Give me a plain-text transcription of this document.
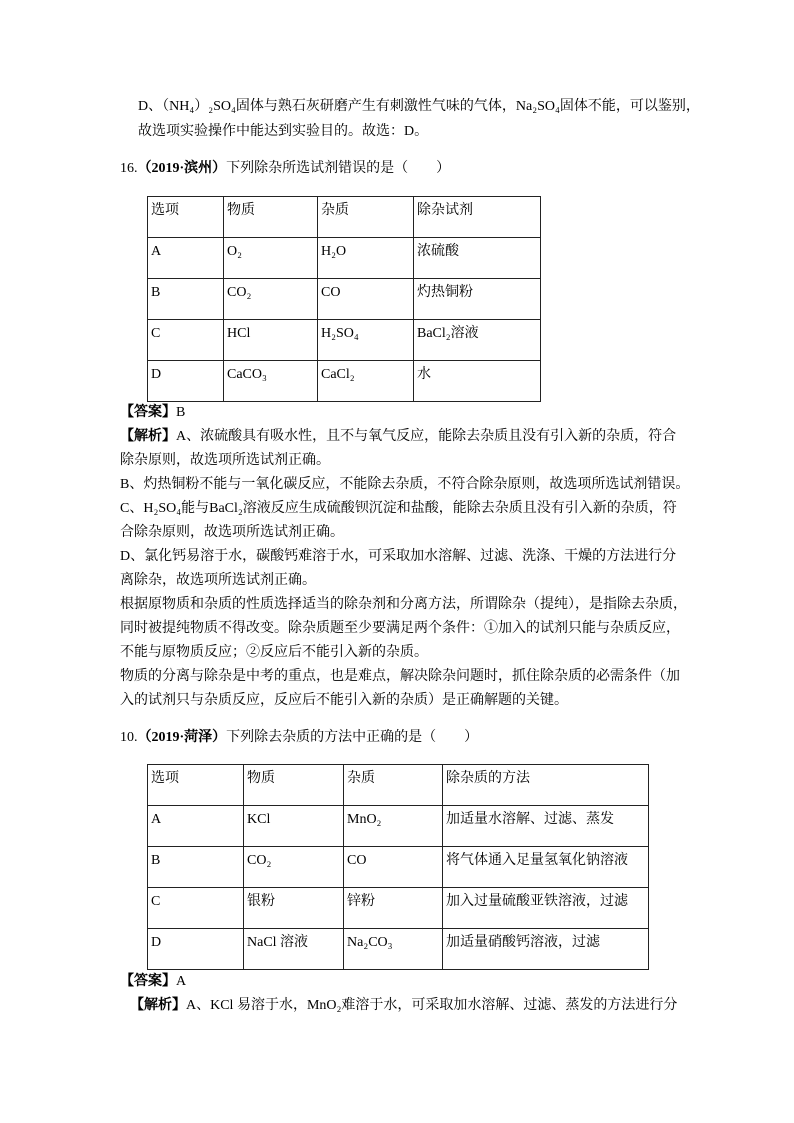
D、（NH₄）₂SO₄固体与熟石灰研磨产生有刺激性气味的气体，Na₂SO₄固体不能，可以鉴别，
故选项实验操作中能达到实验目的。故选：D。
16.（2019·滨州）下列除杂所选试剂错误的是（　　）
选项	物质	杂质	除杂试剂
A	O₂	H₂O	浓硫酸
B	CO₂	CO	灼热铜粉
C	HCl	H₂SO₄	BaCl₂溶液
D	CaCO₃	CaCl₂	水
【答案】B
【解析】A、浓硫酸具有吸水性，且不与氧气反应，能除去杂质且没有引入新的杂质，符合
除杂原则，故选项所选试剂正确。
B、灼热铜粉不能与一氧化碳反应，不能除去杂质，不符合除杂原则，故选项所选试剂错误。
C、H₂SO₄能与BaCl₂溶液反应生成硫酸钡沉淀和盐酸，能除去杂质且没有引入新的杂质，符
合除杂原则，故选项所选试剂正确。
D、氯化钙易溶于水，碳酸钙难溶于水，可采取加水溶解、过滤、洗涤、干燥的方法进行分
离除杂，故选项所选试剂正确。
根据原物质和杂质的性质选择适当的除杂剂和分离方法，所谓除杂（提纯），是指除去杂质，
同时被提纯物质不得改变。除杂质题至少要满足两个条件：①加入的试剂只能与杂质反应，
不能与原物质反应；②反应后不能引入新的杂质。
物质的分离与除杂是中考的重点，也是难点，解决除杂问题时，抓住除杂质的必需条件（加
入的试剂只与杂质反应，反应后不能引入新的杂质）是正确解题的关键。
10.（2019·菏泽）下列除去杂质的方法中正确的是（　　）
选项	物质	杂质	除杂质的方法
A	KCl	MnO₂	加适量水溶解、过滤、蒸发
B	CO₂	CO	将气体通入足量氢氧化钠溶液
C	银粉	锌粉	加入过量硫酸亚铁溶液，过滤
D	NaCl 溶液	Na₂CO₃	加适量硝酸钙溶液，过滤
【答案】A
【解析】A、KCl 易溶于水，MnO₂难溶于水，可采取加水溶解、过滤、蒸发的方法进行分
